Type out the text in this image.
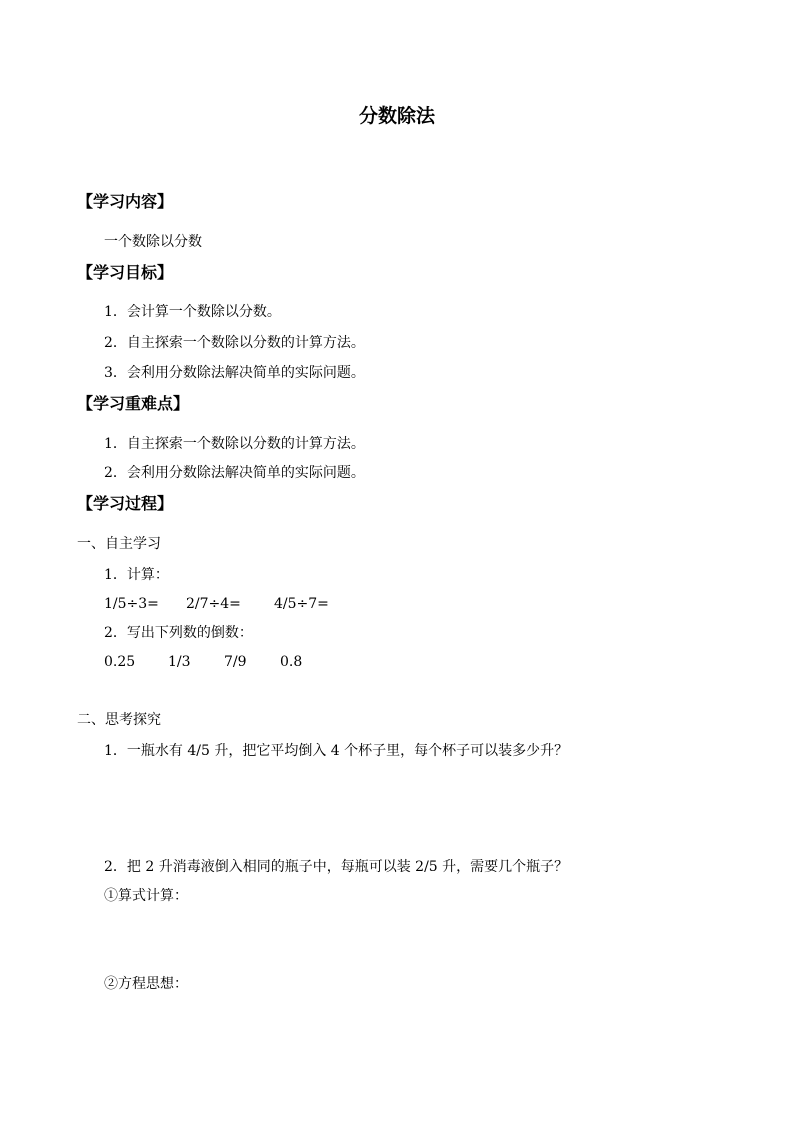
分数除法
【学习内容】
一个数除以分数
【学习目标】
1．会计算一个数除以分数。
2．自主探索一个数除以分数的计算方法。
3．会利用分数除法解决简单的实际问题。
【学习重难点】
1．自主探索一个数除以分数的计算方法。
2．会利用分数除法解决简单的实际问题。
【学习过程】
一、自主学习
1．计算：
1/5÷3= 2/7÷4= 4/5÷7=
2．写出下列数的倒数：
0.25 1/3 7/9 0.8
二、思考探究
1．一瓶水有 4/5 升，把它平均倒入 4 个杯子里，每个杯子可以装多少升？
2．把 2 升消毒液倒入相同的瓶子中，每瓶可以装 2/5 升，需要几个瓶子？
①算式计算：
②方程思想：
